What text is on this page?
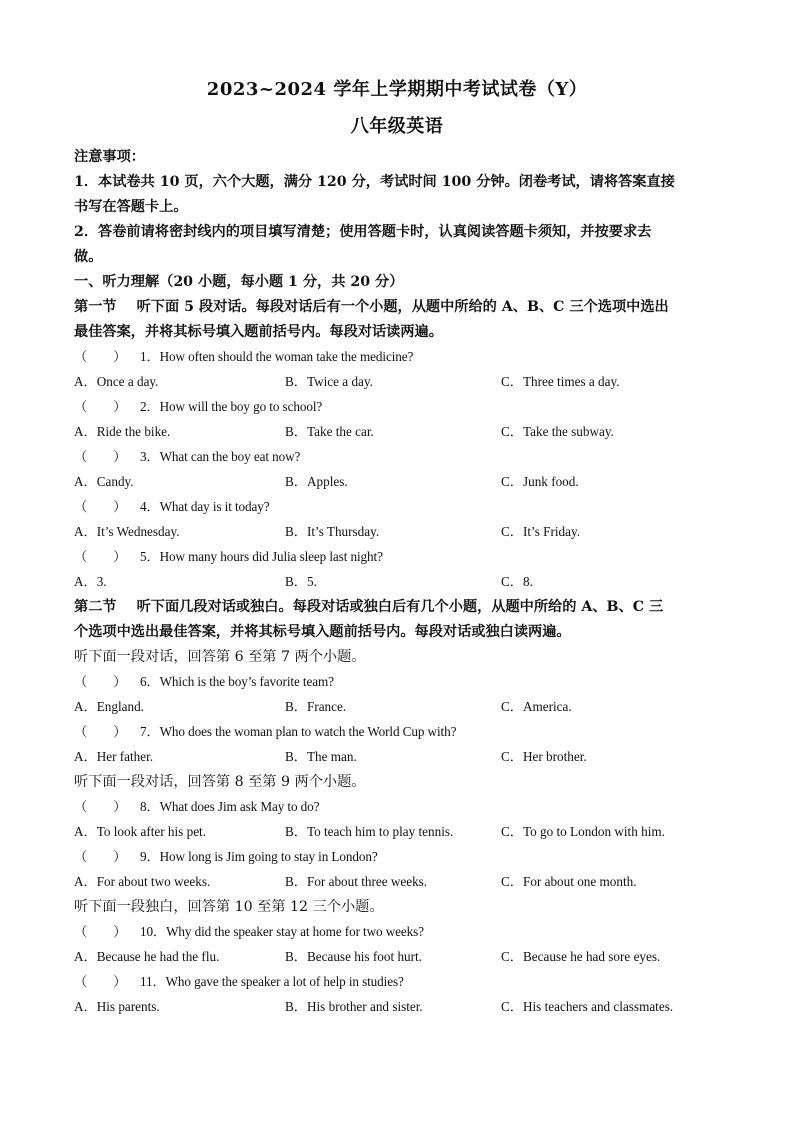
2023~2024 学年上学期期中考试试卷（Y）
八年级英语
注意事项：
1．本试卷共 10 页，六个大题，满分 120 分，考试时间 100 分钟。闭卷考试，请将答案直接
书写在答题卡上。
2．答卷前请将密封线内的项目填写清楚；使用答题卡时，认真阅读答题卡须知，并按要求去
做。
一、听力理解（20 小题，每小题 1 分，共 20 分）
第一节 听下面 5 段对话。每段对话后有一个小题，从题中所给的 A、B、C 三个选项中选出
最佳答案，并将其标号填入题前括号内。每段对话读两遍。
（　　） 1．How often should the woman take the medicine?
A．Once a day.	B．Twice a day.	C．Three times a day.
（　　） 2．How will the boy go to school?
A．Ride the bike.	B．Take the car.	C．Take the subway.
（　　） 3．What can the boy eat now?
A．Candy.	B．Apples.	C．Junk food.
（　　） 4．What day is it today?
A．It’s Wednesday.	B．It’s Thursday.	C．It’s Friday.
（　　） 5．How many hours did Julia sleep last night?
A．3.	B．5.	C．8.
第二节 听下面几段对话或独白。每段对话或独白后有几个小题，从题中所给的 A、B、C 三
个选项中选出最佳答案，并将其标号填入题前括号内。每段对话或独白读两遍。
听下面一段对话，回答第 6 至第 7 两个小题。
（　　） 6．Which is the boy’s favorite team?
A．England.	B．France.	C．America.
（　　） 7．Who does the woman plan to watch the World Cup with?
A．Her father.	B．The man.	C．Her brother.
听下面一段对话，回答第 8 至第 9 两个小题。
（　　） 8．What does Jim ask May to do?
A．To look after his pet.	B．To teach him to play tennis.	C．To go to London with him.
（　　） 9．How long is Jim going to stay in London?
A．For about two weeks.	B．For about three weeks.	C．For about one month.
听下面一段独白，回答第 10 至第 12 三个小题。
（　　） 10．Why did the speaker stay at home for two weeks?
A．Because he had the flu.	B．Because his foot hurt.	C．Because he had sore eyes.
（　　） 11．Who gave the speaker a lot of help in studies?
A．His parents.	B．His brother and sister.	C．His teachers and classmates.
